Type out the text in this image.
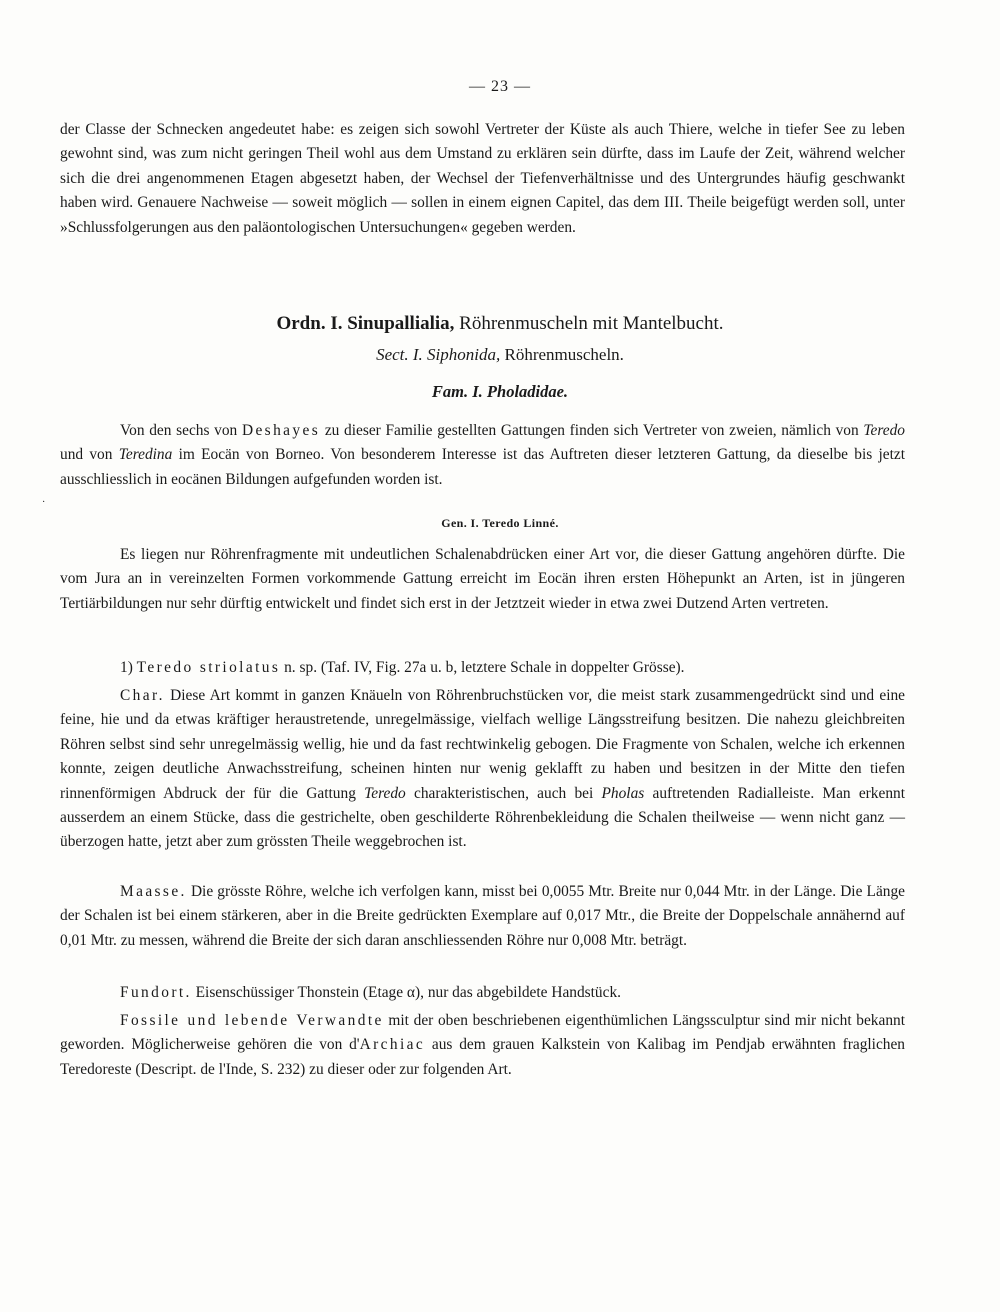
— 23 —

der Classe der Schnecken angedeutet habe: es zeigen sich sowohl Vertreter der Küste als auch Thiere, welche in tiefer See zu leben gewohnt sind, was zum nicht geringen Theil wohl aus dem Umstand zu erklären sein dürfte, dass im Laufe der Zeit, während welcher sich die drei angenommenen Etagen abgesetzt haben, der Wechsel der Tiefenverhältnisse und des Untergrundes häufig geschwankt haben wird. Genauere Nachweise — soweit möglich — sollen in einem eignen Capitel, das dem III. Theile beigefügt werden soll, unter »Schlussfolgerungen aus den paläontologischen Untersuchungen« gegeben werden.

Ordn. I. Sinupallialia, Röhrenmuscheln mit Mantelbucht.
Sect. I. Siphonida, Röhrenmuscheln.
Fam. I. Pholadidae.

Von den sechs von Deshayes zu dieser Familie gestellten Gattungen finden sich Vertreter von zweien, nämlich von Teredo und von Teredina im Eocän von Borneo. Von besonderem Interesse ist das Auftreten dieser letzteren Gattung, da dieselbe bis jetzt ausschliesslich in eocänen Bildungen aufgefunden worden ist.

·
Gen. I. Teredo Linné.

Es liegen nur Röhrenfragmente mit undeutlichen Schalenabdrücken einer Art vor, die dieser Gattung angehören dürfte. Die vom Jura an in vereinzelten Formen vorkommende Gattung erreicht im Eocän ihren ersten Höhepunkt an Arten, ist in jüngeren Tertiärbildungen nur sehr dürftig entwickelt und findet sich erst in der Jetztzeit wieder in etwa zwei Dutzend Arten vertreten.

1) Teredo striolatus n. sp. (Taf. IV, Fig. 27a u. b, letztere Schale in doppelter Grösse).

Char. Diese Art kommt in ganzen Knäueln von Röhrenbruchstücken vor, die meist stark zusammengedrückt sind und eine feine, hie und da etwas kräftiger heraustretende, unregelmässige, vielfach wellige Längsstreifung besitzen. Die nahezu gleichbreiten Röhren selbst sind sehr unregelmässig wellig, hie und da fast rechtwinkelig gebogen. Die Fragmente von Schalen, welche ich erkennen konnte, zeigen deutliche Anwachsstreifung, scheinen hinten nur wenig geklafft zu haben und besitzen in der Mitte den tiefen rinnenförmigen Abdruck der für die Gattung Teredo charakteristischen, auch bei Pholas auftretenden Radialleiste. Man erkennt ausserdem an einem Stücke, dass die gestrichelte, oben geschilderte Röhrenbekleidung die Schalen theilweise — wenn nicht ganz — überzogen hatte, jetzt aber zum grössten Theile weggebrochen ist.

Maasse. Die grösste Röhre, welche ich verfolgen kann, misst bei 0,0055 Mtr. Breite nur 0,044 Mtr. in der Länge. Die Länge der Schalen ist bei einem stärkeren, aber in die Breite gedrückten Exemplare auf 0,017 Mtr., die Breite der Doppelschale annähernd auf 0,01 Mtr. zu messen, während die Breite der sich daran anschliessenden Röhre nur 0,008 Mtr. beträgt.

Fundort. Eisenschüssiger Thonstein (Etage α), nur das abgebildete Handstück.

Fossile und lebende Verwandte mit der oben beschriebenen eigenthümlichen Längssculptur sind mir nicht bekannt geworden. Möglicherweise gehören die von d'Archiac aus dem grauen Kalkstein von Kalibag im Pendjab erwähnten fraglichen Teredoreste (Descript. de l'Inde, S. 232) zu dieser oder zur folgenden Art.
